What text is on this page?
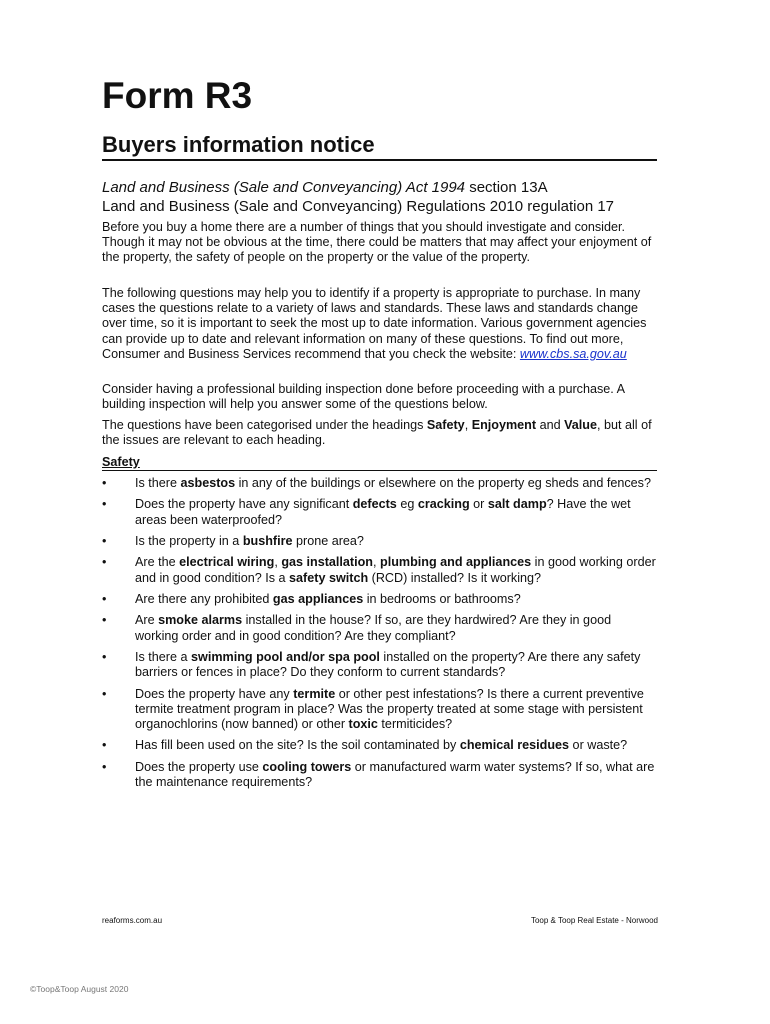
Form R3
Buyers information notice
Land and Business (Sale and Conveyancing) Act 1994 section 13A
Land and Business (Sale and Conveyancing) Regulations 2010 regulation 17
Before you buy a home there are a number of things that you should investigate and consider. Though it may not be obvious at the time, there could be matters that may affect your enjoyment of the property, the safety of people on the property or the value of the property.
The following questions may help you to identify if a property is appropriate to purchase. In many cases the questions relate to a variety of laws and standards. These laws and standards change over time, so it is important to seek the most up to date information. Various government agencies can provide up to date and relevant information on many of these questions. To find out more, Consumer and Business Services recommend that you check the website: www.cbs.sa.gov.au
Consider having a professional building inspection done before proceeding with a purchase. A building inspection will help you answer some of the questions below.
The questions have been categorised under the headings Safety, Enjoyment and Value, but all of the issues are relevant to each heading.
Safety
• Is there asbestos in any of the buildings or elsewhere on the property eg sheds and fences?
• Does the property have any significant defects eg cracking or salt damp? Have the wet areas been waterproofed?
• Is the property in a bushfire prone area?
• Are the electrical wiring, gas installation, plumbing and appliances in good working order and in good condition? Is a safety switch (RCD) installed? Is it working?
• Are there any prohibited gas appliances in bedrooms or bathrooms?
• Are smoke alarms installed in the house? If so, are they hardwired? Are they in good working order and in good condition? Are they compliant?
• Is there a swimming pool and/or spa pool installed on the property? Are there any safety barriers or fences in place? Do they conform to current standards?
• Does the property have any termite or other pest infestations? Is there a current preventive termite treatment program in place? Was the property treated at some stage with persistent organochlorins (now banned) or other toxic termiticides?
• Has fill been used on the site? Is the soil contaminated by chemical residues or waste?
• Does the property use cooling towers or manufactured warm water systems? If so, what are the maintenance requirements?
reaforms.com.au	Toop & Toop Real Estate - Norwood
©Toop&Toop August 2020
